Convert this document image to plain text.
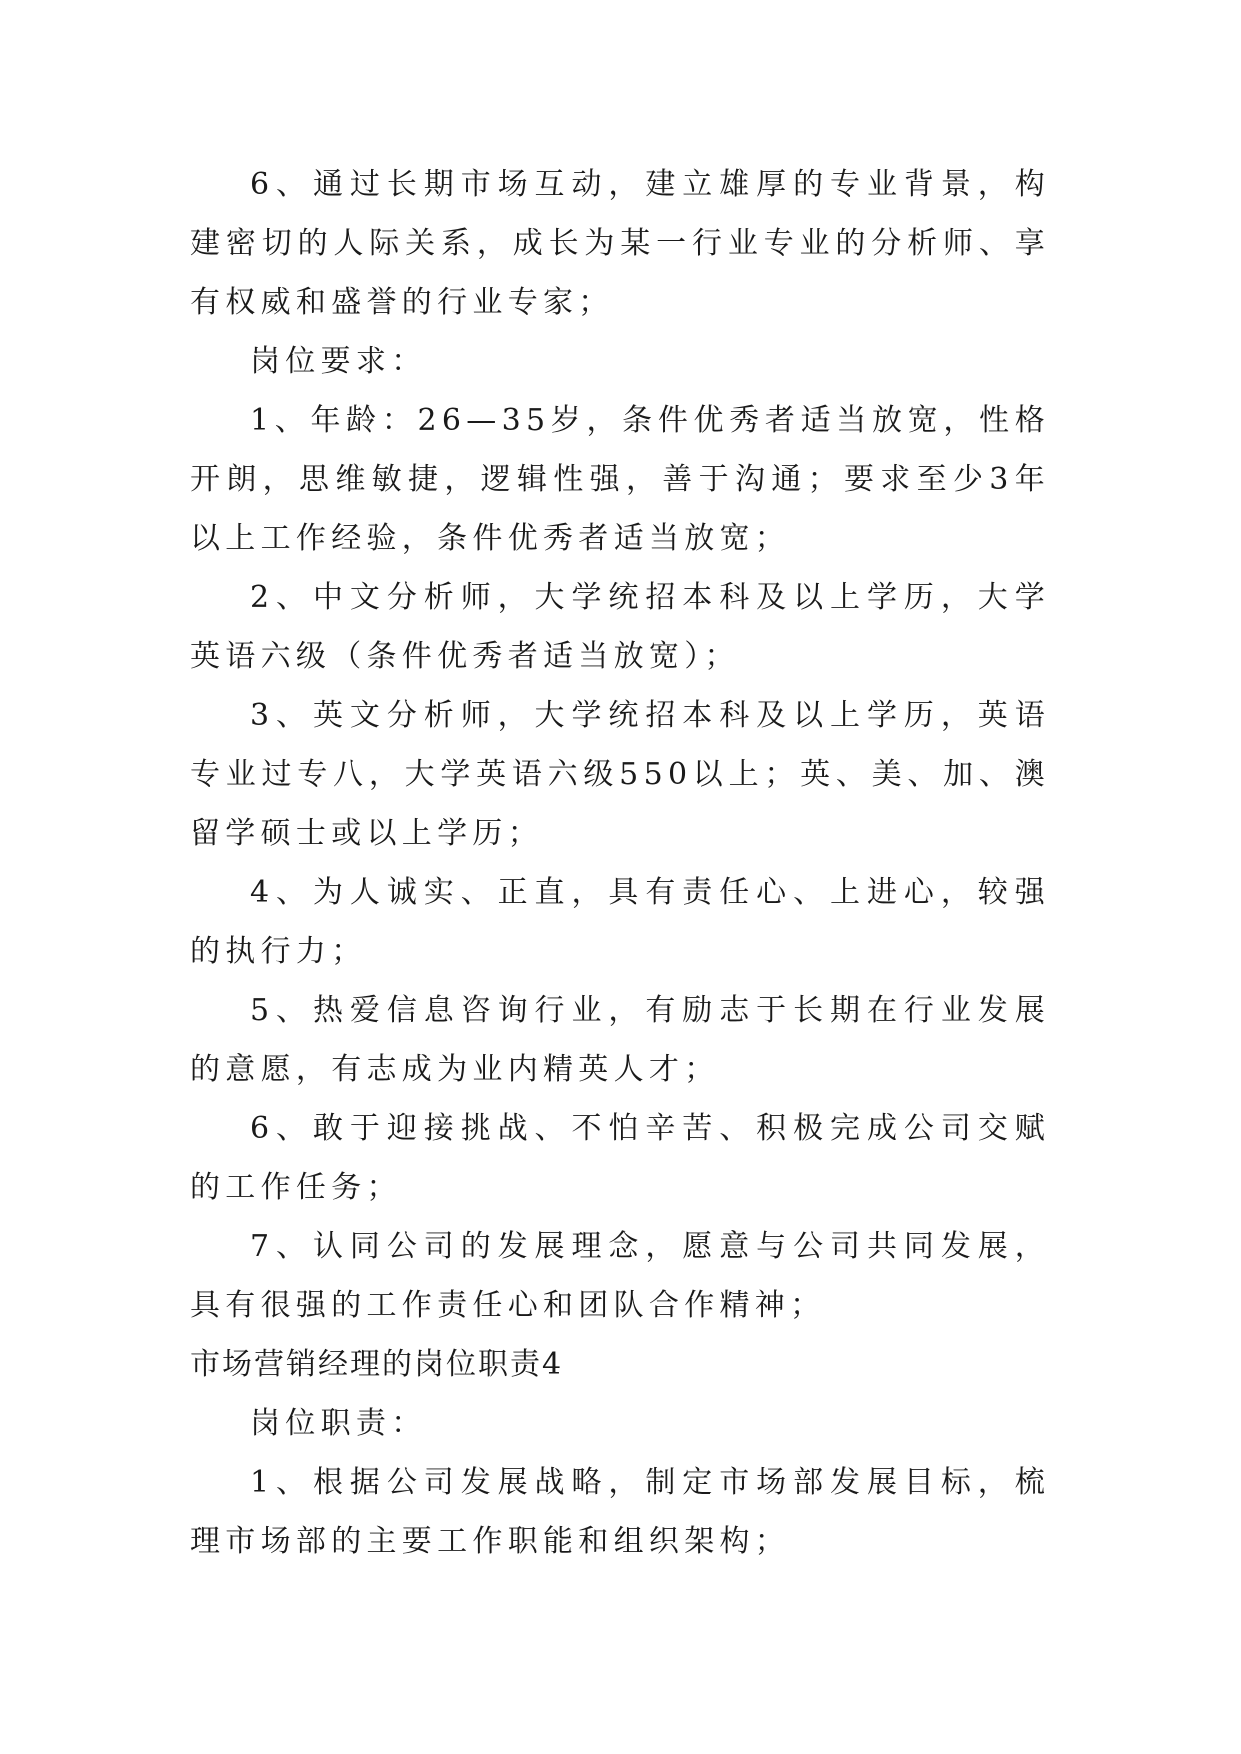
6、通过长期市场互动，建立雄厚的专业背景，构建密切的人际关系，成长为某一行业专业的分析师、享有权威和盛誉的行业专家；

岗位要求：

1、年龄：26—35岁，条件优秀者适当放宽，性格开朗，思维敏捷，逻辑性强，善于沟通；要求至少3年以上工作经验，条件优秀者适当放宽；

2、中文分析师，大学统招本科及以上学历，大学英语六级（条件优秀者适当放宽）；

3、英文分析师，大学统招本科及以上学历，英语专业过专八，大学英语六级550以上；英、美、加、澳留学硕士或以上学历；

4、为人诚实、正直，具有责任心、上进心，较强的执行力；

5、热爱信息咨询行业，有励志于长期在行业发展的意愿，有志成为业内精英人才；

6、敢于迎接挑战、不怕辛苦、积极完成公司交赋的工作任务；

7、认同公司的发展理念，愿意与公司共同发展，具有很强的工作责任心和团队合作精神；

市场营销经理的岗位职责4

岗位职责：

1、根据公司发展战略，制定市场部发展目标，梳理市场部的主要工作职能和组织架构；
